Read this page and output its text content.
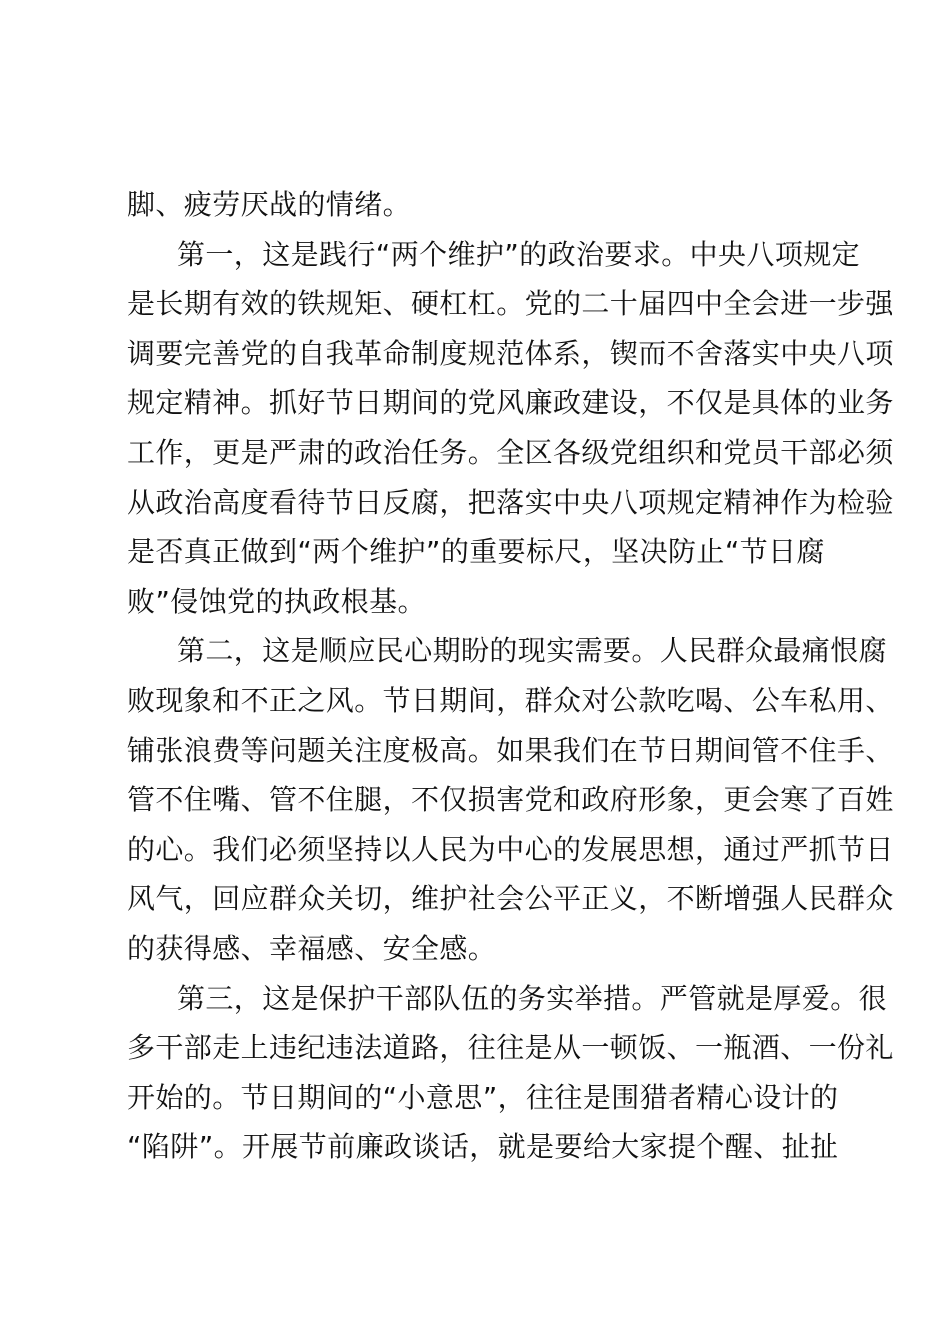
脚、疲劳厌战的情绪。
第一，这是践行“两个维护”的政治要求。中央八项规定
是长期有效的铁规矩、硬杠杠。党的二十届四中全会进一步强
调要完善党的自我革命制度规范体系，锲而不舍落实中央八项
规定精神。抓好节日期间的党风廉政建设，不仅是具体的业务
工作，更是严肃的政治任务。全区各级党组织和党员干部必须
从政治高度看待节日反腐，把落实中央八项规定精神作为检验
是否真正做到“两个维护”的重要标尺，坚决防止“节日腐
败”侵蚀党的执政根基。
第二，这是顺应民心期盼的现实需要。人民群众最痛恨腐
败现象和不正之风。节日期间，群众对公款吃喝、公车私用、
铺张浪费等问题关注度极高。如果我们在节日期间管不住手、
管不住嘴、管不住腿，不仅损害党和政府形象，更会寒了百姓
的心。我们必须坚持以人民为中心的发展思想，通过严抓节日
风气，回应群众关切，维护社会公平正义，不断增强人民群众
的获得感、幸福感、安全感。
第三，这是保护干部队伍的务实举措。严管就是厚爱。很
多干部走上违纪违法道路，往往是从一顿饭、一瓶酒、一份礼
开始的。节日期间的“小意思”，往往是围猎者精心设计的
“陷阱”。开展节前廉政谈话，就是要给大家提个醒、扯扯
